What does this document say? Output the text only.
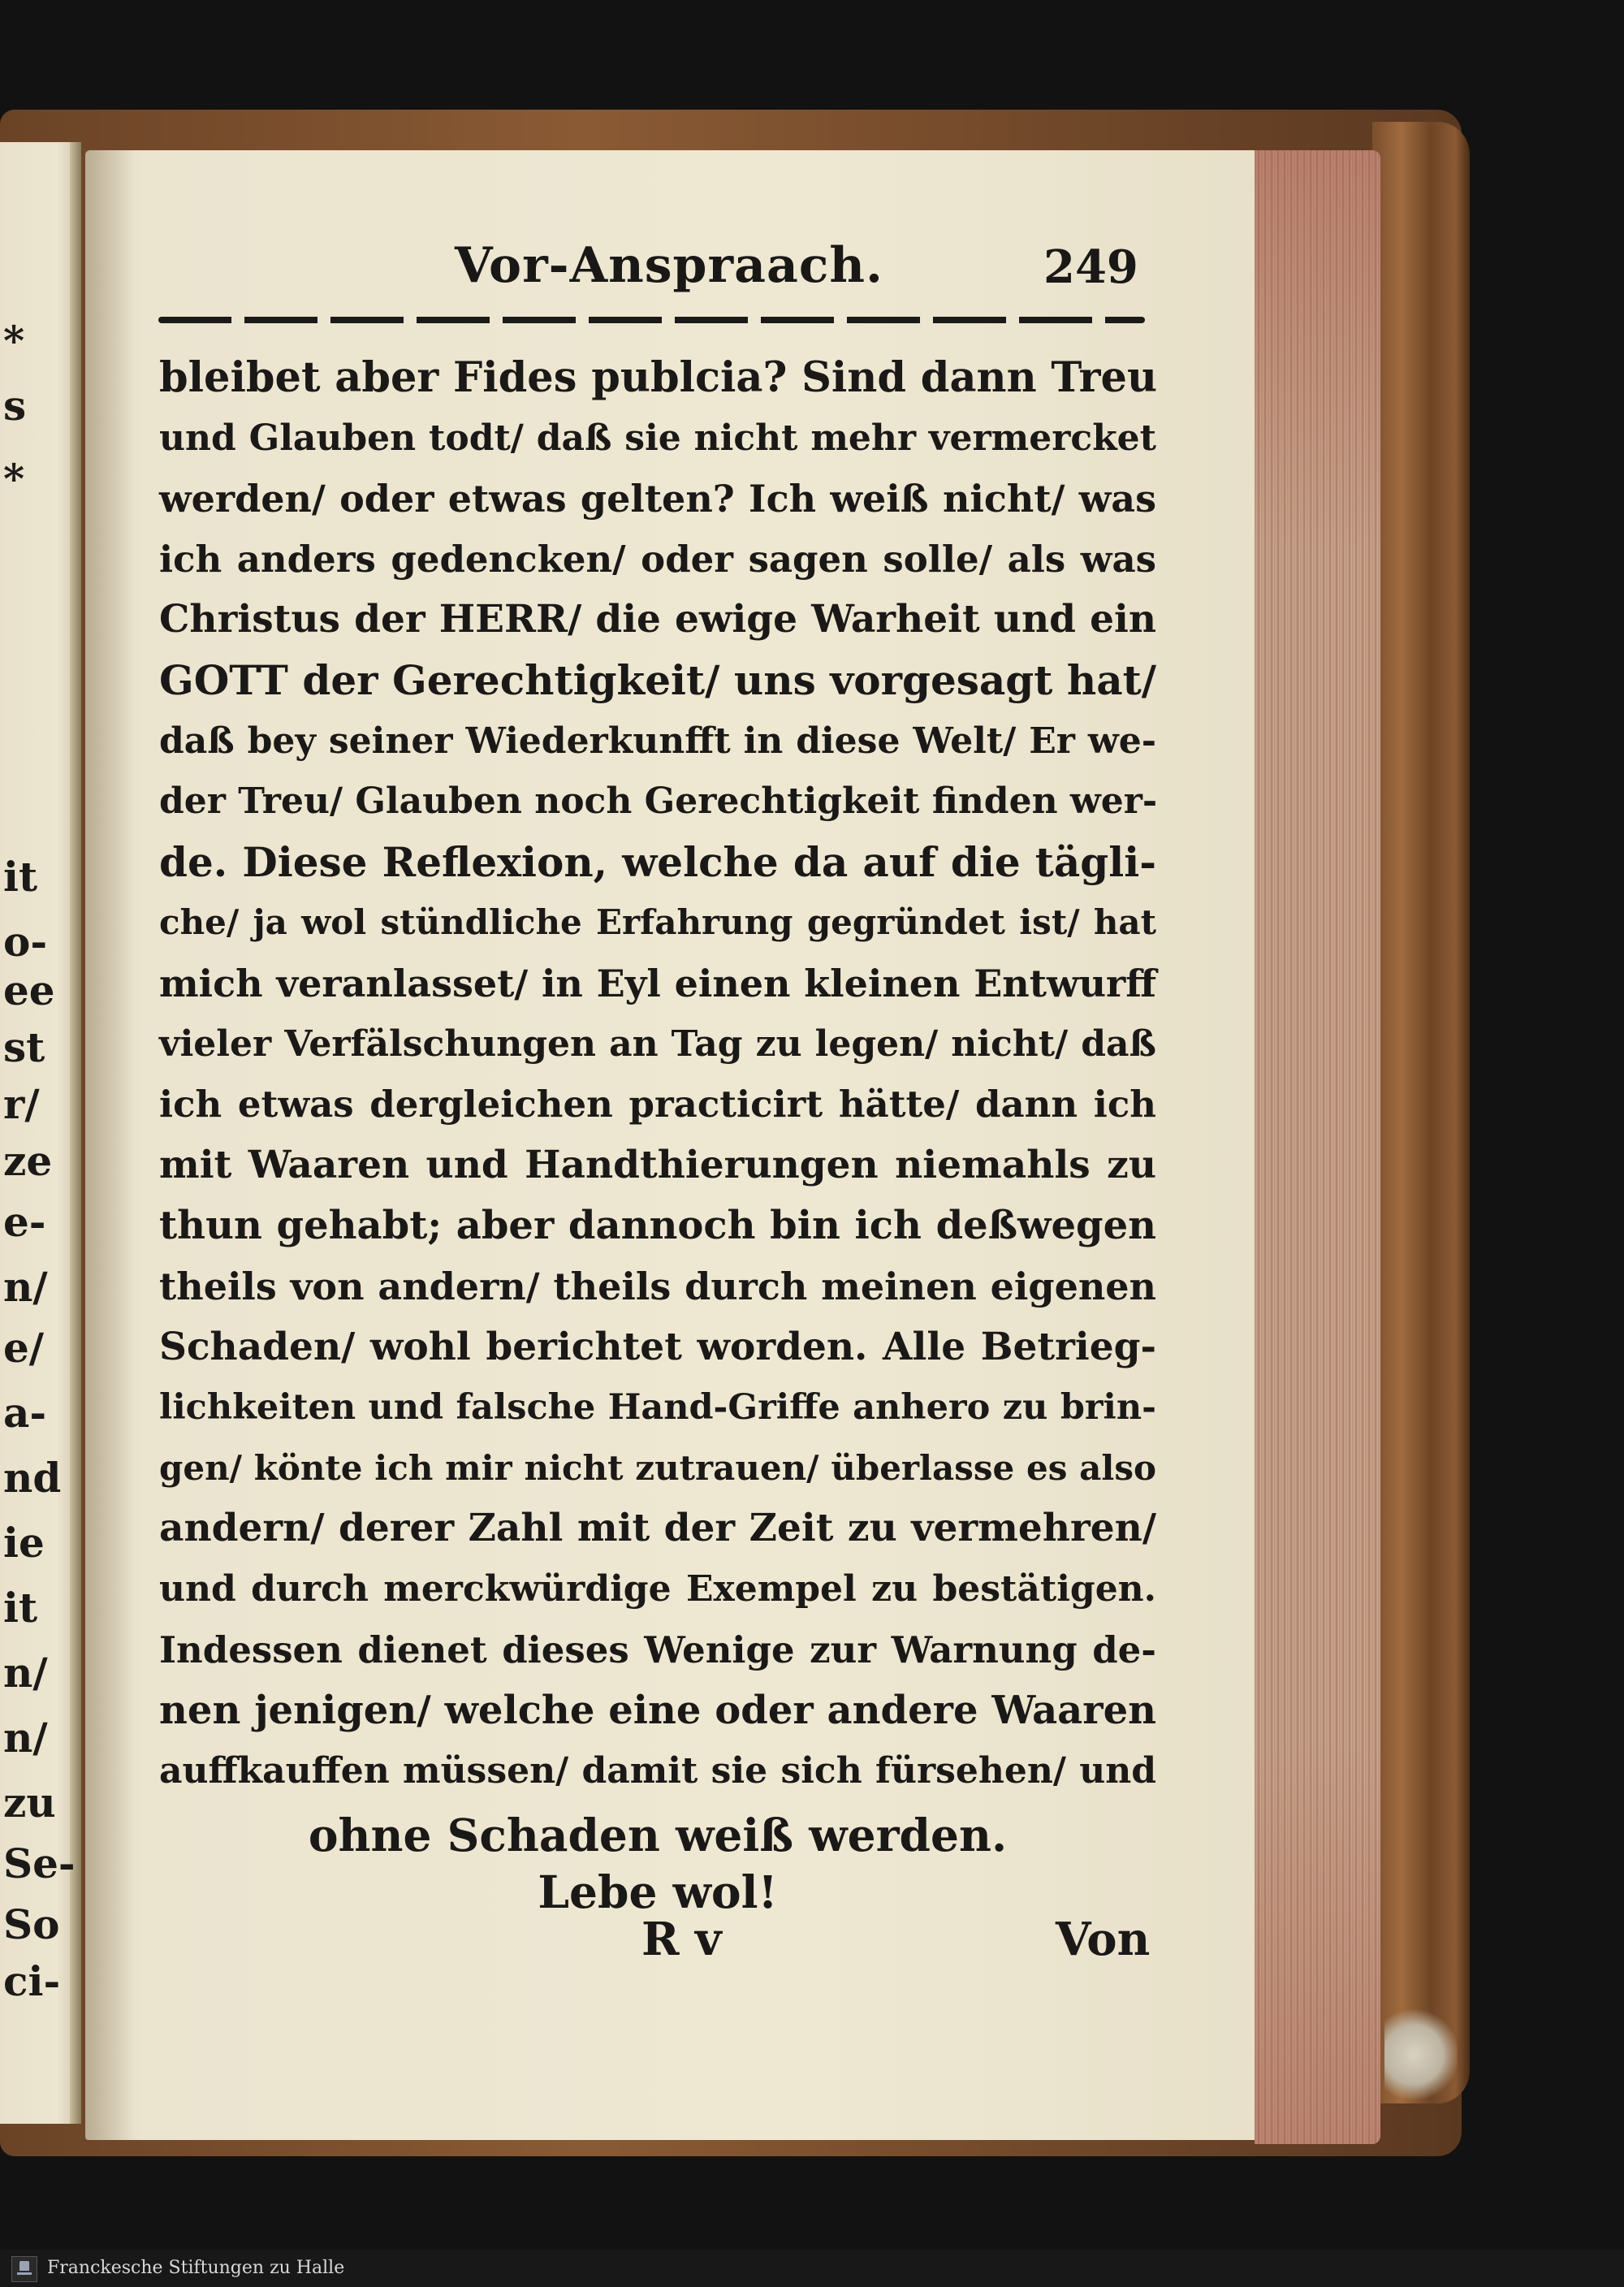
*
s
*
it
o-
ee
st
r/
ze
e-
n/
e/
a-
nd
ie
it
n/
n/
zu
Se-
So
ci-
Vor-Anspraach.	249
bleibet aber Fides publcia? Sind dann Treu
und Glauben todt/ daß sie nicht mehr vermercket
werden/ oder etwas gelten? Ich weiß nicht/ was
ich anders gedencken/ oder sagen solle/ als was
Christus der HERR/ die ewige Warheit und ein
GOTT der Gerechtigkeit/ uns vorgesagt hat/
daß bey seiner Wiederkunfft in diese Welt/ Er we-
der Treu/ Glauben noch Gerechtigkeit finden wer-
de. Diese Reflexion, welche da auf die tägli-
che/ ja wol stündliche Erfahrung gegründet ist/ hat
mich veranlasset/ in Eyl einen kleinen Entwurff
vieler Verfälschungen an Tag zu legen/ nicht/ daß
ich etwas dergleichen practicirt hätte/ dann ich
mit Waaren und Handthierungen niemahls zu
thun gehabt; aber dannoch bin ich deßwegen
theils von andern/ theils durch meinen eigenen
Schaden/ wohl berichtet worden. Alle Betrieg-
lichkeiten und falsche Hand-Griffe anhero zu brin-
gen/ könte ich mir nicht zutrauen/ überlasse es also
andern/ derer Zahl mit der Zeit zu vermehren/
und durch merckwürdige Exempel zu bestätigen.
Indessen dienet dieses Wenige zur Warnung de-
nen jenigen/ welche eine oder andere Waaren
auffkauffen müssen/ damit sie sich fürsehen/ und
ohne Schaden weiß werden.
Lebe wol!
R v	Von
Franckesche Stiftungen zu Halle
